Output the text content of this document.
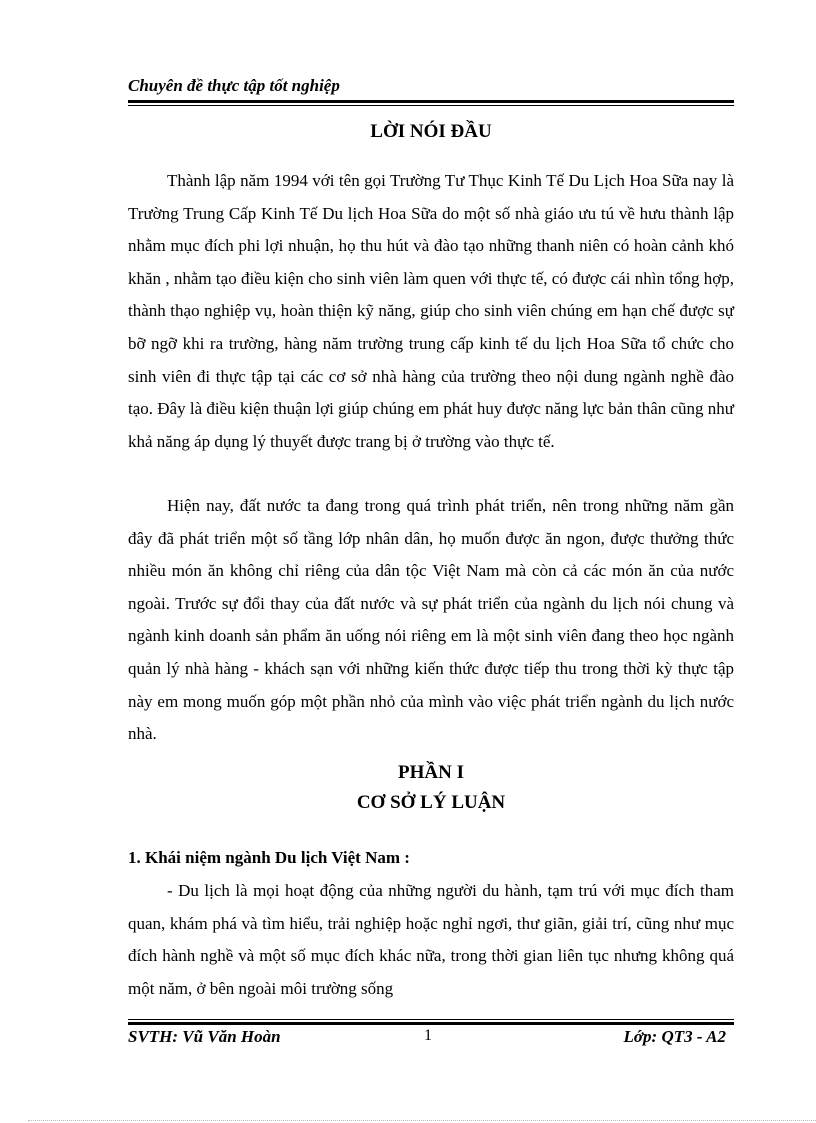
Chuyên đề thực tập tốt nghiệp
LỜI NÓI ĐẦU

Thành lập năm 1994 với tên gọi Trường Tư Thục Kinh Tế Du Lịch Hoa Sữa nay là Trường Trung Cấp Kinh Tế Du lịch Hoa Sữa do một số nhà giáo ưu tú về hưu thành lập nhằm mục đích phi lợi nhuận, họ thu hút và đào tạo những thanh niên có hoàn cảnh khó khăn , nhằm tạo điều kiện cho sinh viên làm quen với thực tế, có được cái nhìn tổng hợp, thành thạo nghiệp vụ, hoàn thiện kỹ năng, giúp cho sinh viên chúng em hạn chế được sự bỡ ngỡ khi ra trường, hàng năm trường trung cấp kinh tế du lịch Hoa Sữa tổ chức cho sinh viên đi thực tập tại các cơ sở nhà hàng của trường theo nội dung ngành nghề đào tạo. Đây là điều kiện thuận lợi giúp chúng em phát huy được năng lực bản thân cũng như khả năng áp dụng lý thuyết được trang bị ở trường vào thực tế.

Hiện nay, đất nước ta đang trong quá trình phát triển, nên trong những năm gần đây đã phát triển một số tầng lớp nhân dân, họ muốn được ăn ngon, được thưởng thức nhiều món ăn không chỉ riêng của dân tộc Việt Nam mà còn cả các món ăn của nước ngoài. Trước sự đổi thay của đất nước và sự phát triển của ngành du lịch nói chung và ngành kinh doanh sản phẩm ăn uống nói riêng em là một sinh viên đang theo học ngành quản lý nhà hàng - khách sạn với những kiến thức được tiếp thu trong thời kỳ thực tập này em mong muốn góp một phần nhỏ của mình vào việc phát triển ngành du lịch nước nhà.

PHẦN I
CƠ SỞ LÝ LUẬN
1. Khái niệm ngành Du lịch Việt Nam :

- Du lịch là mọi hoạt động của những người du hành, tạm trú với mục đích tham quan, khám phá và tìm hiểu, trải nghiệp hoặc nghỉ ngơi, thư giãn, giải trí, cũng như mục đích hành nghề và một số mục đích khác nữa, trong thời gian liên tục nhưng không quá một năm, ở bên ngoài môi trường sống

SVTH: Vũ Văn Hoàn	1	Lớp: QT3 - A2
